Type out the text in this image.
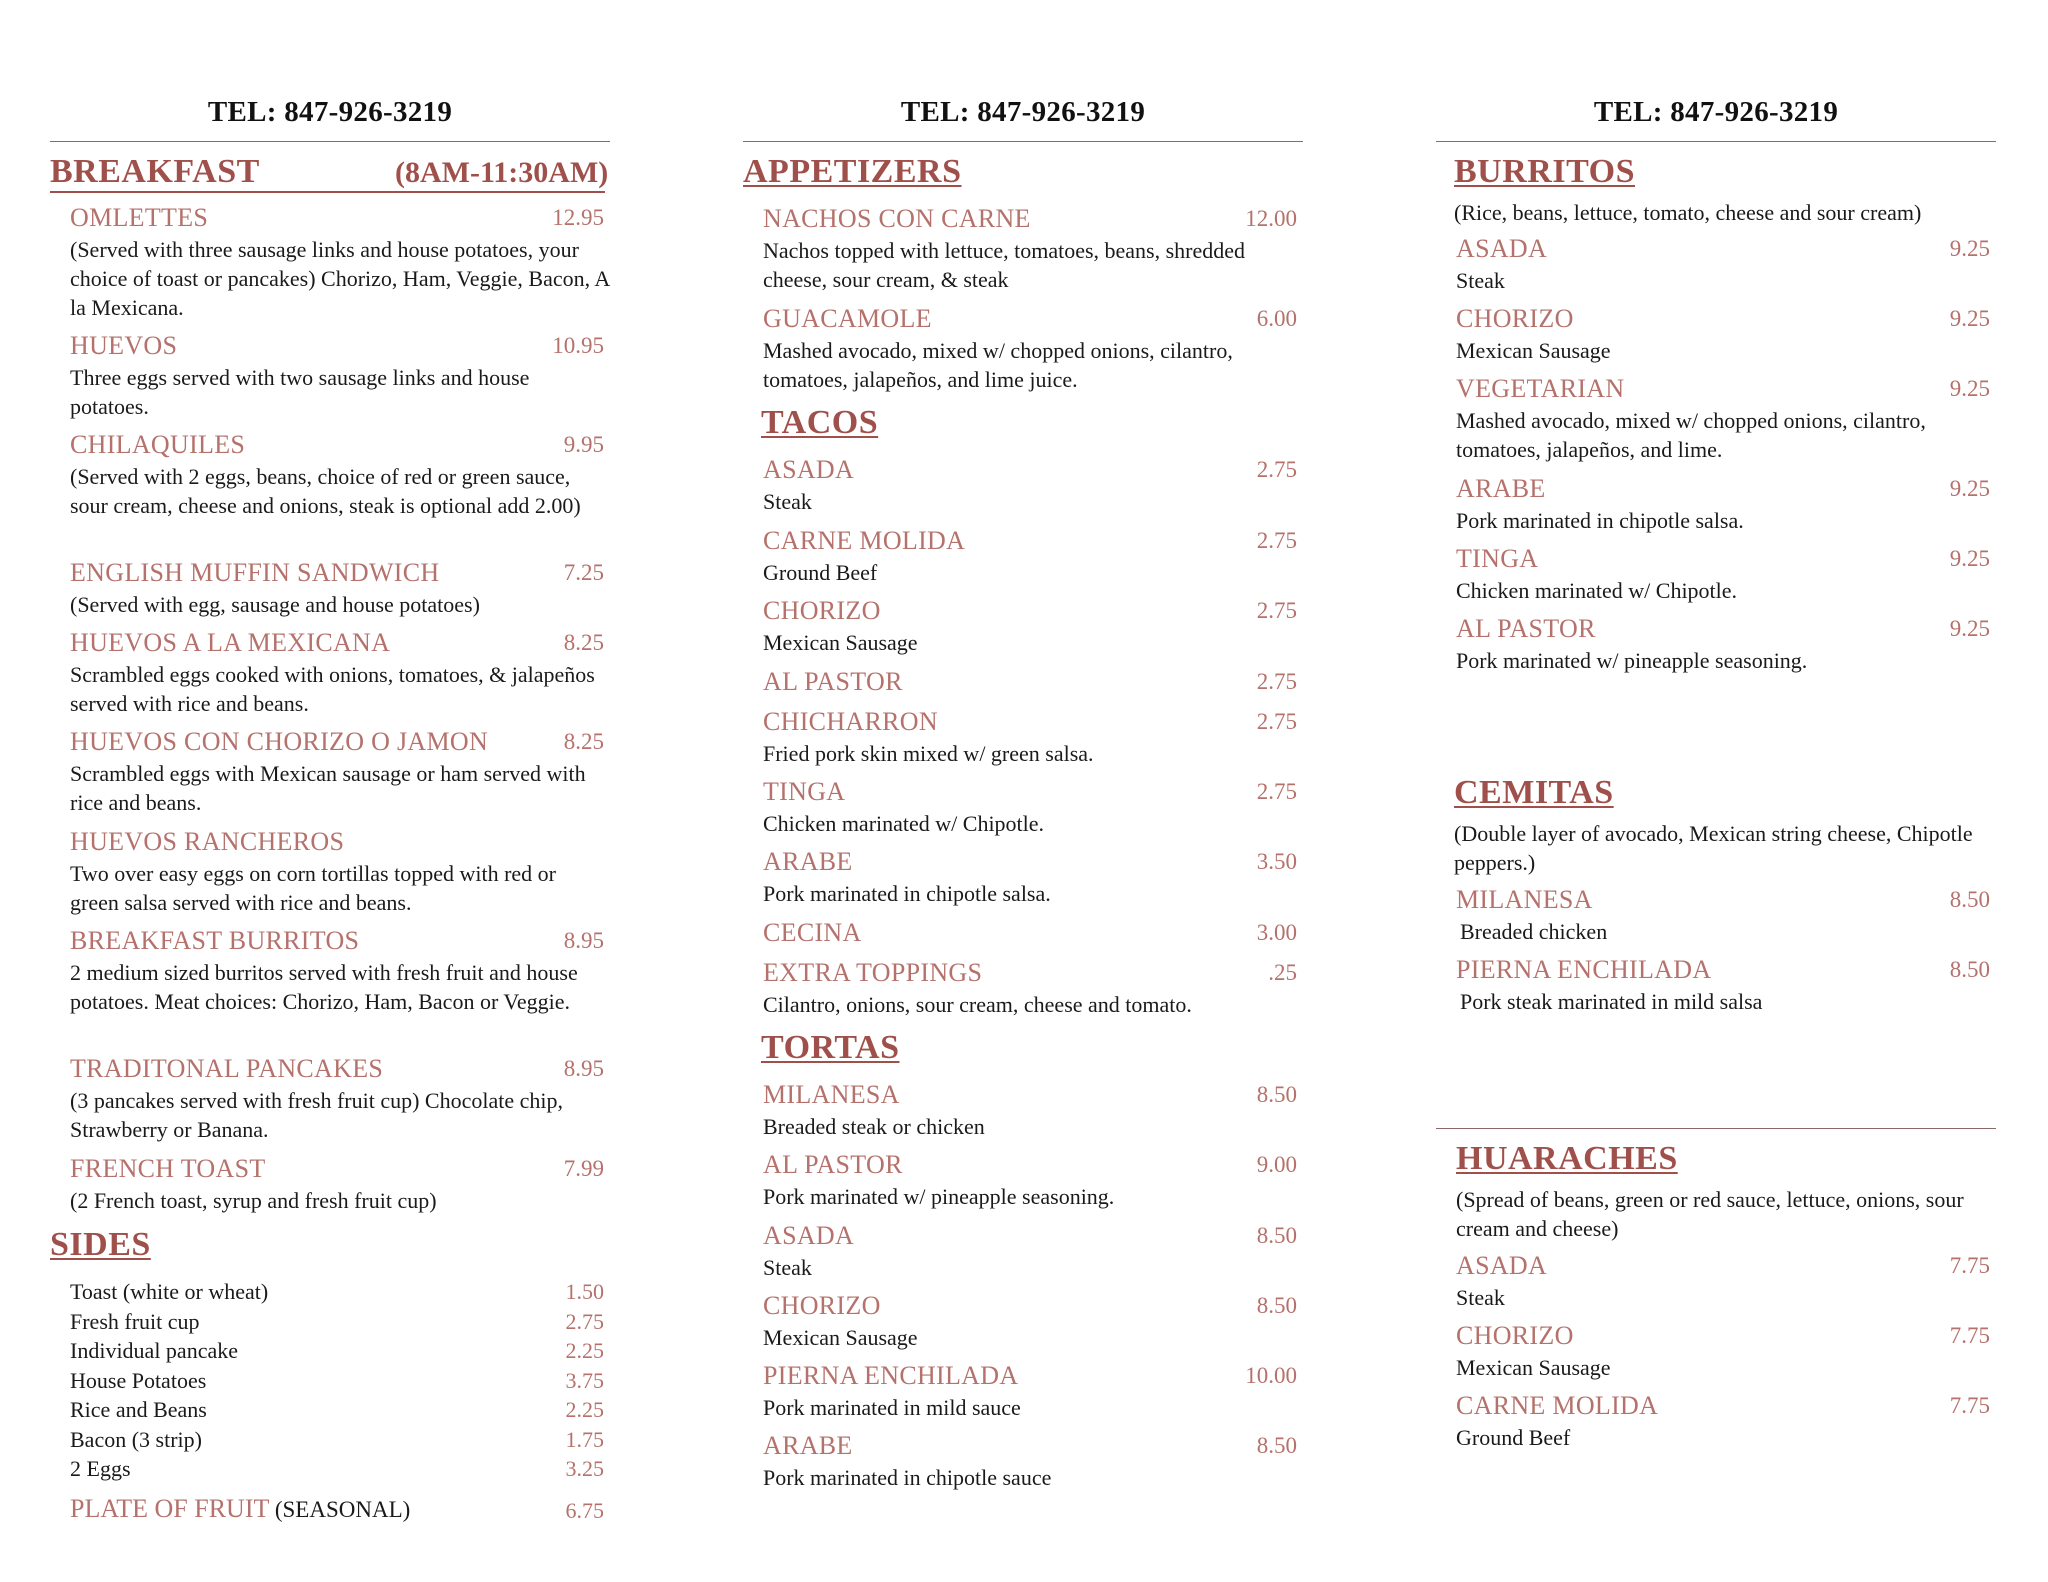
TEL: 847-926-3219
BREAKFAST	(8AM-11:30AM)
OMLETTES	12.95
(Served with three sausage links and house potatoes, your choice of toast or pancakes) Chorizo, Ham, Veggie, Bacon, A la Mexicana.
HUEVOS	10.95
Three eggs served with two sausage links and house potatoes.
CHILAQUILES	9.95
(Served with 2 eggs, beans, choice of red or green sauce, sour cream, cheese and onions, steak is optional add 2.00)
ENGLISH MUFFIN SANDWICH	7.25
(Served with egg, sausage and house potatoes)
HUEVOS A LA MEXICANA	8.25
Scrambled eggs cooked with onions, tomatoes, & jalapeños served with rice and beans.
HUEVOS CON CHORIZO O JAMON	8.25
Scrambled eggs with Mexican sausage or ham served with rice and beans.
HUEVOS RANCHEROS
Two over easy eggs on corn tortillas topped with red or green salsa served with rice and beans.
BREAKFAST BURRITOS	8.95
2 medium sized burritos served with fresh fruit and house potatoes. Meat choices: Chorizo, Ham, Bacon or Veggie.
TRADITONAL PANCAKES	8.95
(3 pancakes served with fresh fruit cup) Chocolate chip, Strawberry or Banana.
FRENCH TOAST	7.99
(2 French toast, syrup and fresh fruit cup)
SIDES
Toast (white or wheat)	1.50
Fresh fruit cup	2.75
Individual pancake	2.25
House Potatoes	3.75
Rice and Beans	2.25
Bacon (3 strip)	1.75
2 Eggs	3.25
PLATE OF FRUIT (SEASONAL)	6.75
TEL: 847-926-3219
APPETIZERS
NACHOS CON CARNE	12.00
Nachos topped with lettuce, tomatoes, beans, shredded cheese, sour cream, & steak
GUACAMOLE	6.00
Mashed avocado, mixed w/ chopped onions, cilantro, tomatoes, jalapeños, and lime juice.
TACOS
ASADA	2.75
Steak
CARNE MOLIDA	2.75
Ground Beef
CHORIZO	2.75
Mexican Sausage
AL PASTOR	2.75
CHICHARRON	2.75
Fried pork skin mixed w/ green salsa.
TINGA	2.75
Chicken marinated w/ Chipotle.
ARABE	3.50
Pork marinated in chipotle salsa.
CECINA	3.00
EXTRA TOPPINGS	.25
Cilantro, onions, sour cream, cheese and tomato.
TORTAS
MILANESA	8.50
Breaded steak or chicken
AL PASTOR	9.00
Pork marinated w/ pineapple seasoning.
ASADA	8.50
Steak
CHORIZO	8.50
Mexican Sausage
PIERNA ENCHILADA	10.00
Pork marinated in mild sauce
ARABE	8.50
Pork marinated in chipotle sauce
TEL: 847-926-3219
BURRITOS
(Rice, beans, lettuce, tomato, cheese and sour cream)
ASADA	9.25
Steak
CHORIZO	9.25
Mexican Sausage
VEGETARIAN	9.25
Mashed avocado, mixed w/ chopped onions, cilantro, tomatoes, jalapeños, and lime.
ARABE	9.25
Pork marinated in chipotle salsa.
TINGA	9.25
Chicken marinated w/ Chipotle.
AL PASTOR	9.25
Pork marinated w/ pineapple seasoning.
CEMITAS
(Double layer of avocado, Mexican string cheese, Chipotle peppers.)
MILANESA	8.50
Breaded chicken
PIERNA ENCHILADA	8.50
Pork steak marinated in mild salsa
HUARACHES
(Spread of beans, green or red sauce, lettuce, onions, sour cream and cheese)
ASADA	7.75
Steak
CHORIZO	7.75
Mexican Sausage
CARNE MOLIDA	7.75
Ground Beef
